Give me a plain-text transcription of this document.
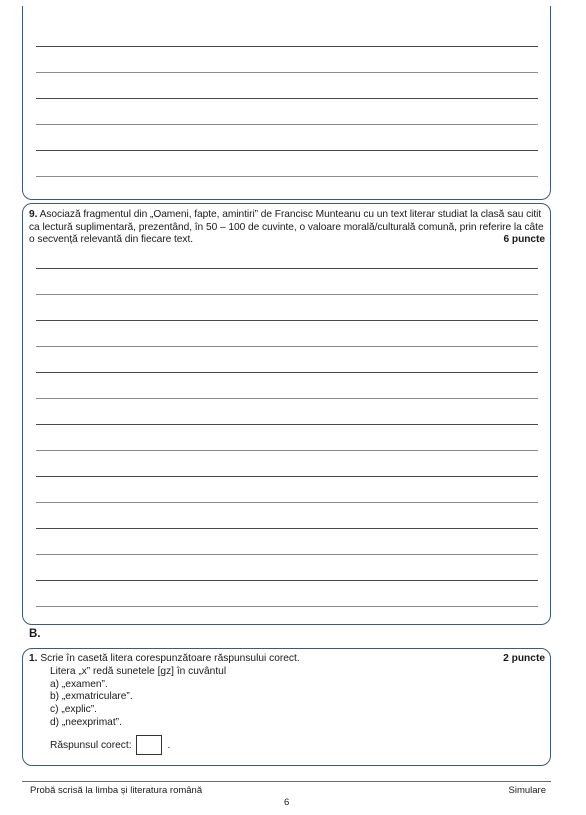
9. Asociază fragmentul din „Oameni, fapte, amintiri” de Francisc Munteanu cu un text literar studiat la clasă sau citit ca lectură suplimentară, prezentând, în 50 – 100 de cuvinte, o valoare morală/culturală comună, prin referire la câte o secvență relevantă din fiecare text.	6 puncte
B.
1. Scrie în casetă litera corespunzătoare răspunsului corect.	2 puncte
Litera „x” redă sunetele [gz] în cuvântul
a) „examen”.
b) „exmatriculare”.
c) „explic”.
d) „neexprimat”.
Răspunsul corect:	.
Probă scrisă la limba și literatura română	Simulare
6
